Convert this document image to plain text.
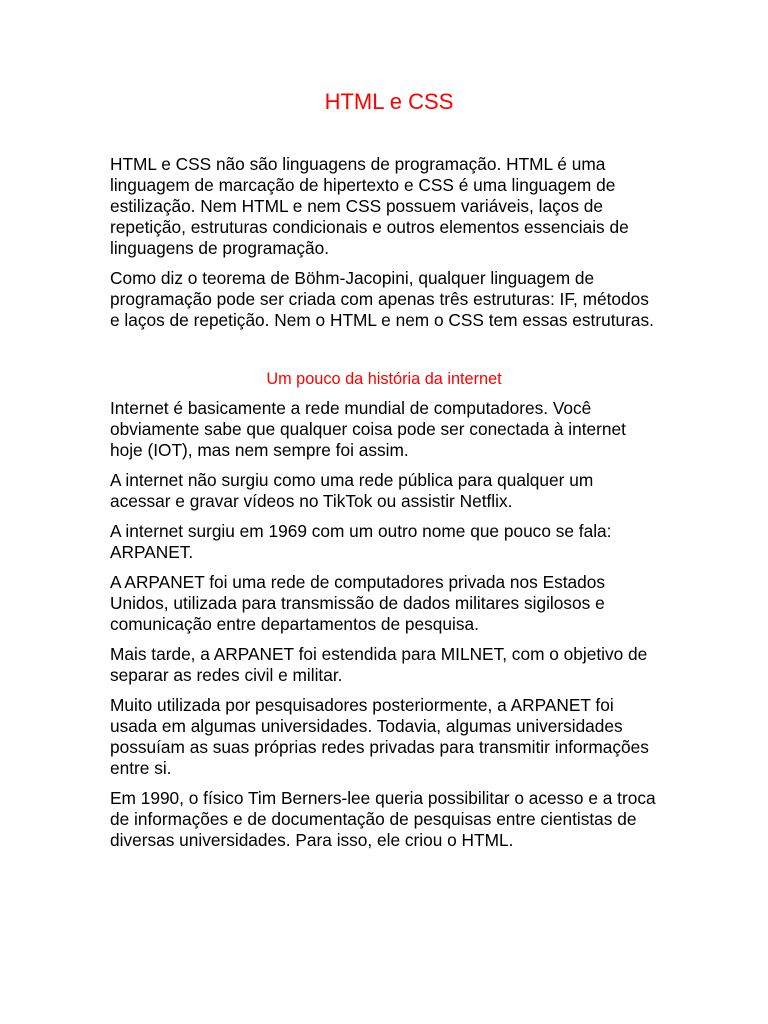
HTML e CSS

HTML e CSS não são linguagens de programação. HTML é uma linguagem de marcação de hipertexto e CSS é uma linguagem de estilização. Nem HTML e nem CSS possuem variáveis, laços de repetição, estruturas condicionais e outros elementos essenciais de linguagens de programação.

Como diz o teorema de Böhm-Jacopini, qualquer linguagem de programação pode ser criada com apenas três estruturas: IF, métodos e laços de repetição. Nem o HTML e nem o CSS tem essas estruturas.

Um pouco da história da internet

Internet é basicamente a rede mundial de computadores. Você obviamente sabe que qualquer coisa pode ser conectada à internet hoje (IOT), mas nem sempre foi assim.

A internet não surgiu como uma rede pública para qualquer um acessar e gravar vídeos no TikTok ou assistir Netflix.

A internet surgiu em 1969 com um outro nome que pouco se fala: ARPANET.

A ARPANET foi uma rede de computadores privada nos Estados Unidos, utilizada para transmissão de dados militares sigilosos e comunicação entre departamentos de pesquisa.

Mais tarde, a ARPANET foi estendida para MILNET, com o objetivo de separar as redes civil e militar.

Muito utilizada por pesquisadores posteriormente, a ARPANET foi usada em algumas universidades. Todavia, algumas universidades possuíam as suas próprias redes privadas para transmitir informações entre si.

Em 1990, o físico Tim Berners-lee queria possibilitar o acesso e a troca de informações e de documentação de pesquisas entre cientistas de diversas universidades. Para isso, ele criou o HTML.
